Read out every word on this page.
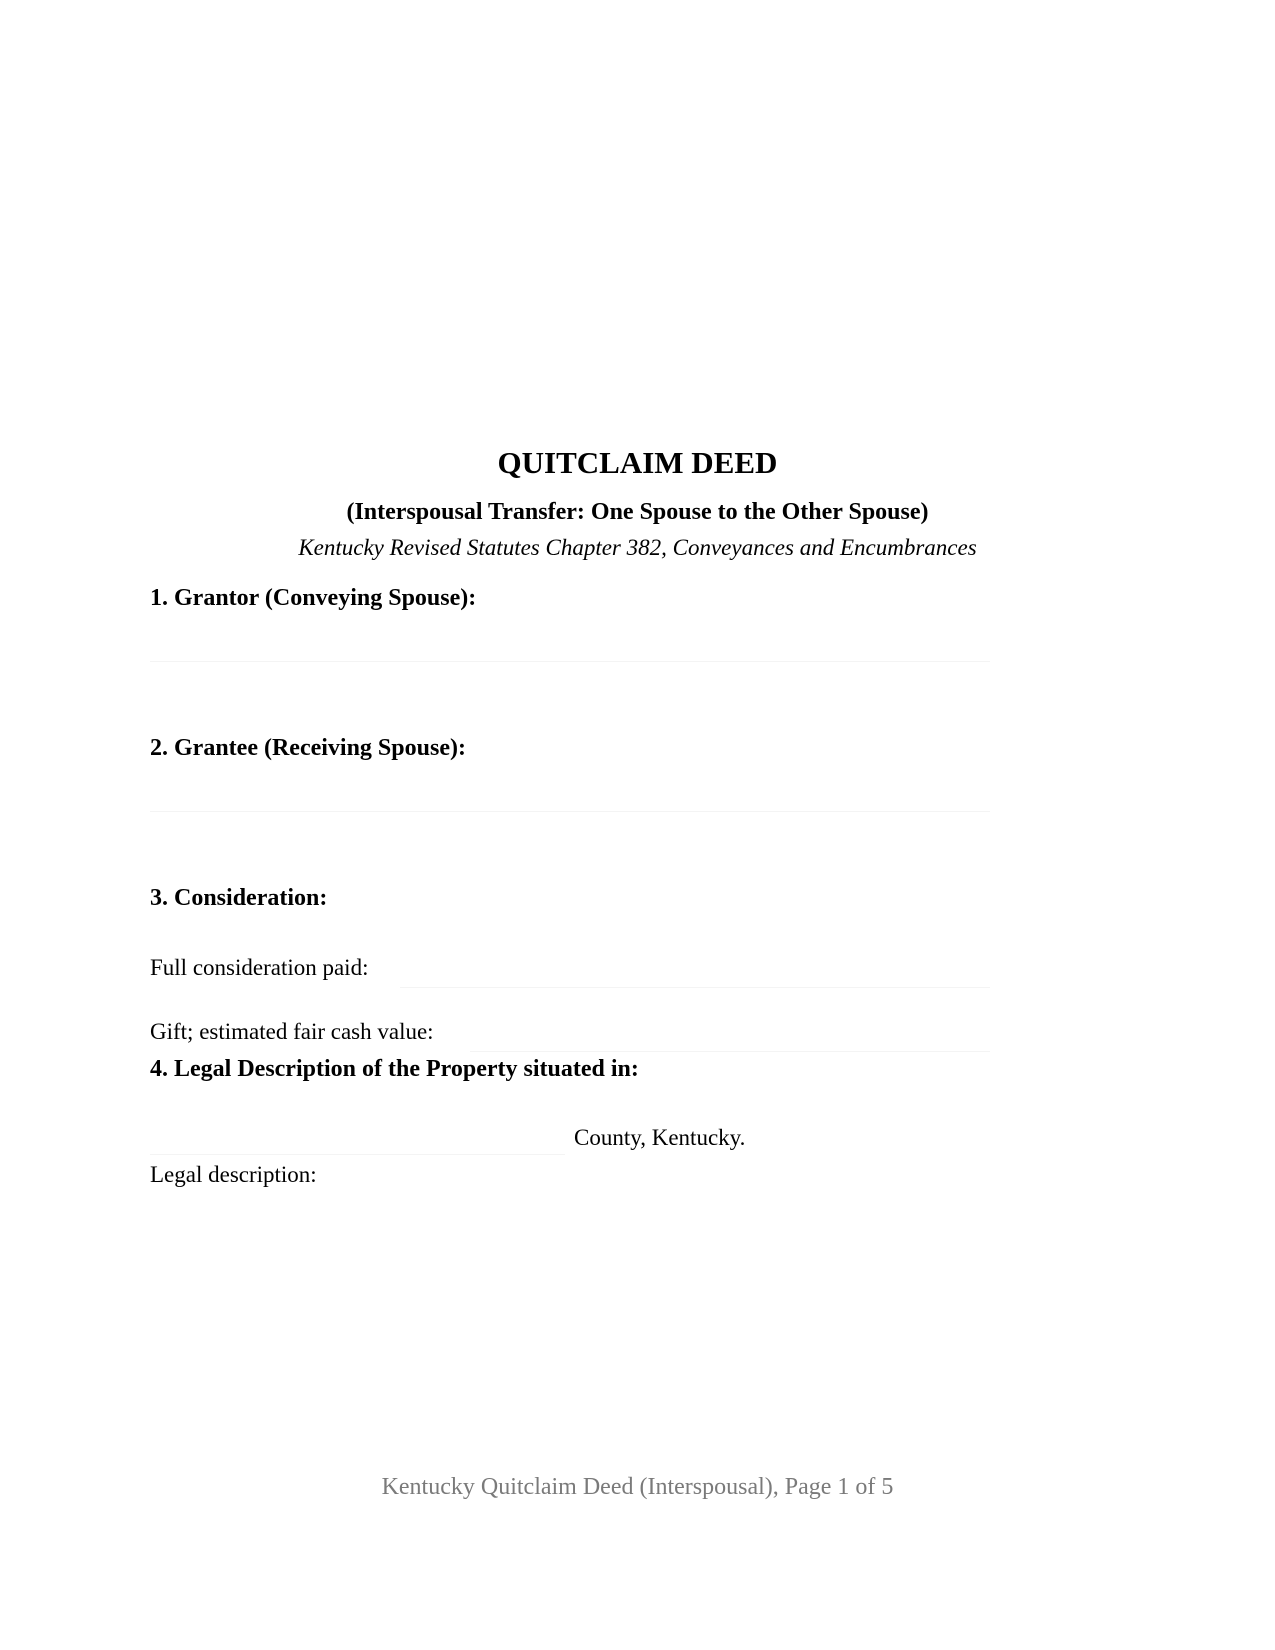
QUITCLAIM DEED
(Interspousal Transfer: One Spouse to the Other Spouse)
Kentucky Revised Statutes Chapter 382, Conveyances and Encumbrances
1. Grantor (Conveying Spouse):
2. Grantee (Receiving Spouse):
3. Consideration:
Full consideration paid:
Gift; estimated fair cash value:
4. Legal Description of the Property situated in:
County, Kentucky.
Legal description:
Kentucky Quitclaim Deed (Interspousal), Page 1 of 5
